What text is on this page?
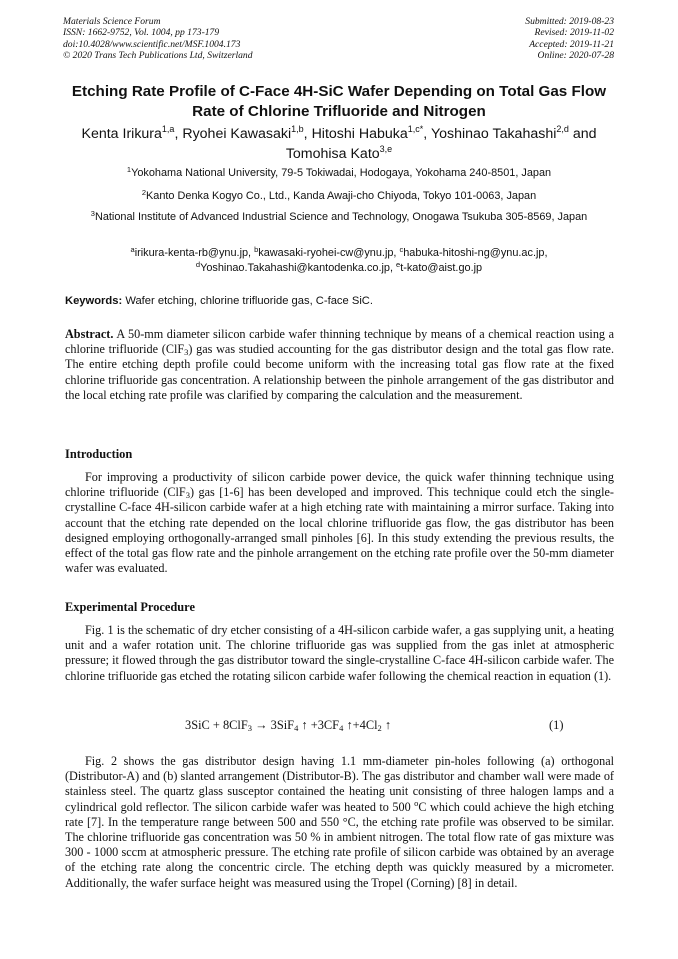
Materials Science Forum
ISSN: 1662-9752, Vol. 1004, pp 173-179
doi:10.4028/www.scientific.net/MSF.1004.173
© 2020 Trans Tech Publications Ltd, Switzerland
Submitted: 2019-08-23
Revised: 2019-11-02
Accepted: 2019-11-21
Online: 2020-07-28
Etching Rate Profile of C-Face 4H-SiC Wafer Depending on Total Gas Flow Rate of Chlorine Trifluoride and Nitrogen
Kenta Irikura$^{1,a}$, Ryohei Kawasaki$^{1,b}$, Hitoshi Habuka$^{1,c*}$, Yoshinao Takahashi$^{2,d}$ and Tomohisa Kato$^{3,e}$
$^1$Yokohama National University, 79-5 Tokiwadai, Hodogaya, Yokohama 240-8501, Japan
$^2$Kanto Denka Kogyo Co., Ltd., Kanda Awaji-cho Chiyoda, Tokyo 101-0063, Japan
$^3$National Institute of Advanced Industrial Science and Technology, Onogawa Tsukuba 305-8569, Japan
$^a$irikura-kenta-rb@ynu.jp, $^b$kawasaki-ryohei-cw@ynu.jp, $^c$habuka-hitoshi-ng@ynu.ac.jp,
$^d$Yoshinao.Takahashi@kantodenka.co.jp, $^e$t-kato@aist.go.jp
Keywords: Wafer etching, chlorine trifluoride gas, C-face SiC.

Abstract. A 50-mm diameter silicon carbide wafer thinning technique by means of a chemical reaction using a chlorine trifluoride (ClF$_3$) gas was studied accounting for the gas distributor design and the total gas flow rate. The entire etching depth profile could become uniform with the increasing total gas flow rate at the fixed chlorine trifluoride gas concentration. A relationship between the pinhole arrangement of the gas distributor and the local etching rate profile was clarified by comparing the calculation and the measurement.

Introduction

For improving a productivity of silicon carbide power device, the quick wafer thinning technique using chlorine trifluoride (ClF$_3$) gas [1-6] has been developed and improved. This technique could etch the single-crystalline C-face 4H-silicon carbide wafer at a high etching rate with maintaining a mirror surface. Taking into account that the etching rate depended on the local chlorine trifluoride gas flow, the gas distributor has been designed employing orthogonally-arranged small pinholes [6]. In this study extending the previous results, the effect of the total gas flow rate and the pinhole arrangement on the etching rate profile over the 50-mm diameter wafer was evaluated.

Experimental Procedure

Fig. 1 is the schematic of dry etcher consisting of a 4H-silicon carbide wafer, a gas supplying unit, a heating unit and a wafer rotation unit. The chlorine trifluoride gas was supplied from the gas inlet at atmospheric pressure; it flowed through the gas distributor toward the single-crystalline C-face 4H-silicon carbide wafer. The chlorine trifluoride gas etched the rotating silicon carbide wafer following the chemical reaction in equation (1).

3SiC + 8ClF$_3$ → 3SiF$_4$ ↑ $+3CF_4$ $↑+4Cl_2$ ↑	(1)

Fig. 2 shows the gas distributor design having 1.1 mm-diameter pin-holes following (a) orthogonal (Distributor-A) and (b) slanted arrangement (Distributor-B). The gas distributor and chamber wall were made of stainless steel. The quartz glass susceptor contained the heating unit consisting of three halogen lamps and a cylindrical gold reflector. The silicon carbide wafer was heated to 500 $^o$C which could achieve the high etching rate [7]. In the temperature range between 500 and 550 °C, the etching rate profile was observed to be similar. The chlorine trifluoride gas concentration was 50 % in ambient nitrogen. The total flow rate of gas mixture was 300 - 1000 sccm at atmospheric pressure. The etching rate profile of silicon carbide was obtained by an average of the etching rate along the concentric circle. The etching depth was quickly measured by a micrometer. Additionally, the wafer surface height was measured using the Tropel (Corning) [8] in detail.
